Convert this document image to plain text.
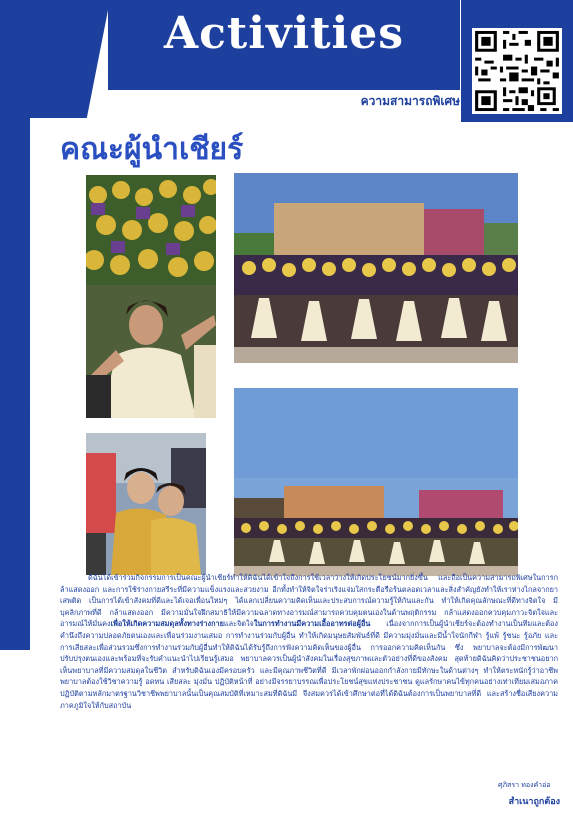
Activities
ความสามารถพิเศษ
คณะผู้นำเชียร์
ดิฉันได้เข้าร่วมกิจกรรมการเป็นคณะผู้นำเชียร์ทำให้ดิฉันได้เข้าใจถึงการใช้เวลาว่างให้เกิดประโยชน์มากยิ่งขึ้น และถือเป็นความสามารถพิเศษในการกล้าแสดงออก และการใช้ร่างกายสรีระที่มีความแข็งแรงและสวยงาม อีกทั้งทำให้จิตใจร่าเริงแจ่มใสกระตือรือร้นตลอดเวลาและสิ่งสำคัญยังทำให้เราห่างไกลจากยาเสพติด เป็นการได้เข้าสังคมที่ดีและได้เจอเพื่อนใหม่ๆ ได้แลกเปลี่ยนความคิดเห็นและประสบการณ์ความรู้ให้กันและกัน ทำให้เกิดคุณลักษณะที่ดีทางจิตใจ มีบุคลิกภาพที่ดี กล้าแสดงออก มีความมั่นใจฝึกสมาธิให้มีความฉลาดทางอารมณ์สามารถควบคุมตนเองในด้านพฤติกรรม กล้าแสดงออกควบคุมภาวะจิตใจและอารมณ์ให้มั่นคงเพื่อให้เกิดความสมดุลทั้งทางร่างกายและจิตใจในการทำงานมีความเอื้ออาทรต่อผู้อื่น เนื่องจากการเป็นผู้นำเชียร์จะต้องทำงานเป็นทีมและต้องคำนึงถึงความปลอดภัยตนเองและเพื่อนร่วมงานเสมอ การทำงานร่วมกับผู้อื่น ทำให้เกิดมนุษยสัมพันธ์ที่ดี มีความมุ่งมั่นและมีน้ำใจนักกีฬา รู้แพ้ รู้ชนะ รู้อภัย และการเสียสละเพื่อส่วนรวมซึ่งการทำงานร่วมกับผู้อื่นทำให้ดิฉันได้รับรู้ถึงการฟังความคิดเห็นของผู้อื่น การออกความคิดเห็นกัน ซึ่ง พยาบาลจะต้องมีการพัฒนาปรับปรุงตนเองและพร้อมที่จะรับคำแนะนำไปเรียนรู้เสมอ พยาบาลควรเป็นผู้นำสังคมในเรื่องสุขภาพและตัวอย่างที่ดีของสังคม สุดท้ายดิฉันคิดว่าประชาชนอยากเห็นพยาบาลที่มีความสมดุลในชีวิต สำหรับดิฉันเองมีครอบครัว และมีคุณภาพชีวิตที่ดี มีเวลาพักผ่อนออกกำลังกายมีทักษะในด้านต่างๆ ทำให้ตระหนักรู้ว่าอาชีพพยาบาลต้องใช้วิชาความรู้ อดทน เสียสละ มุ่งมั่น ปฏิบัติหน้าที่ อย่างมีจรรยาบรรณเพื่อประโยชน์สุขแห่งประชาชน ดูแลรักษาคนไข้ทุกคนอย่างเท่าเทียมเสมอภาค ปฏิบัติตามหลักมาตรฐานวิชาชีพพยาบาลนั้นเป็นคุณสมบัติที่เหมาะสมที่ดิฉันมี จึงสมควรได้เข้าศึกษาต่อที่ได้ดิฉันต้องการเป็นพยาบาลที่ดี และสร้างชื่อเสียงความภาคภูมิใจให้กับสถาบัน
ศุภิสรา ทองคำอ่อ
สำเนาถูกต้อง
